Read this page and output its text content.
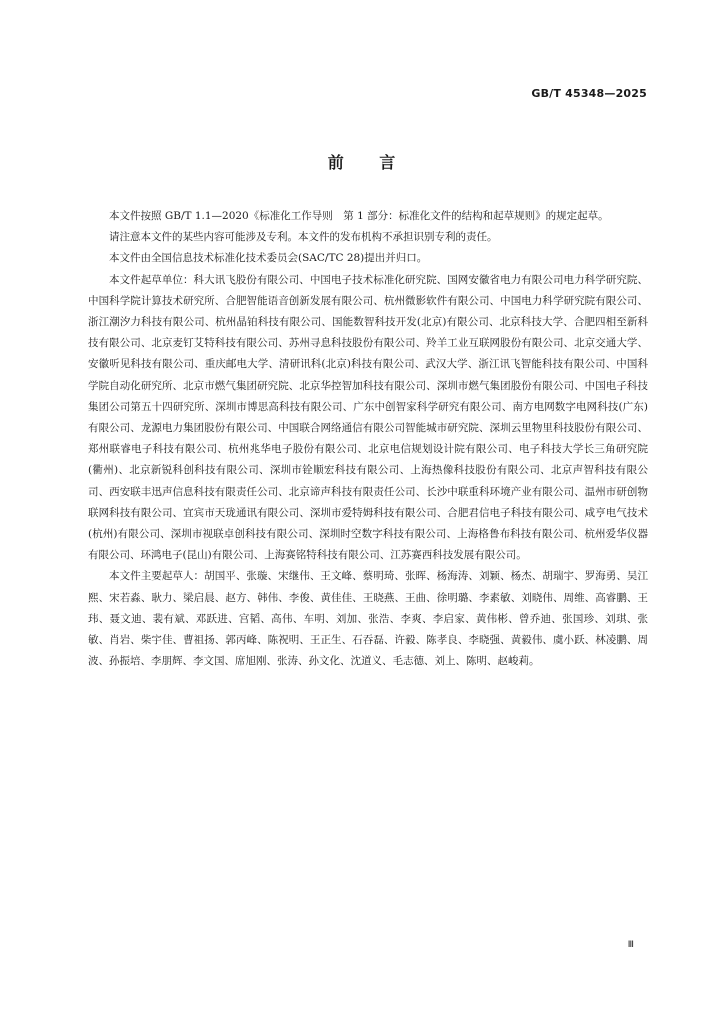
GB/T 45348—2025
前 言

本文件按照 GB/T 1.1—2020《标准化工作导则　第 1 部分：标准化文件的结构和起草规则》的规定起草。

请注意本文件的某些内容可能涉及专利。本文件的发布机构不承担识别专利的责任。

本文件由全国信息技术标准化技术委员会(SAC/TC 28)提出并归口。

本文件起草单位：科大讯飞股份有限公司、中国电子技术标准化研究院、国网安徽省电力有限公司电力科学研究院、中国科学院计算技术研究所、合肥智能语音创新发展有限公司、杭州微影软件有限公司、中国电力科学研究院有限公司、浙江潮汐力科技有限公司、杭州晶铂科技有限公司、国能数智科技开发(北京)有限公司、北京科技大学、合肥四相至新科技有限公司、北京麦钉艾特科技有限公司、苏州寻息科技股份有限公司、羚羊工业互联网股份有限公司、北京交通大学、安徽听见科技有限公司、重庆邮电大学、清研讯科(北京)科技有限公司、武汉大学、浙江讯飞智能科技有限公司、中国科学院自动化研究所、北京市燃气集团研究院、北京华控智加科技有限公司、深圳市燃气集团股份有限公司、中国电子科技集团公司第五十四研究所、深圳市博思高科技有限公司、广东中创智家科学研究有限公司、南方电网数字电网科技(广东)有限公司、龙源电力集团股份有限公司、中国联合网络通信有限公司智能城市研究院、深圳云里物里科技股份有限公司、郑州联睿电子科技有限公司、杭州兆华电子股份有限公司、北京电信规划设计院有限公司、电子科技大学长三角研究院(衢州)、北京新锐科创科技有限公司、深圳市铨顺宏科技有限公司、上海热像科技股份有限公司、北京声智科技有限公司、西安联丰迅声信息科技有限责任公司、北京谛声科技有限责任公司、长沙中联重科环境产业有限公司、温州市研创物联网科技有限公司、宜宾市天珑通讯有限公司、深圳市爱特姆科技有限公司、合肥君信电子科技有限公司、咸亨电气技术(杭州)有限公司、深圳市视联卓创科技有限公司、深圳时空数字科技有限公司、上海格鲁布科技有限公司、杭州爱华仪器有限公司、环鸿电子(昆山)有限公司、上海赛铭特科技有限公司、江苏赛西科技发展有限公司。

本文件主要起草人：胡国平、张璇、宋继伟、王文峰、蔡明琦、张晖、杨海涛、刘颖、杨杰、胡瑞宇、罗海勇、吴江熙、宋若淼、耿力、梁启晨、赵方、韩伟、李俊、黄佳佳、王晓燕、王曲、徐明璐、李素敏、刘晓伟、周维、高睿鹏、王玮、聂文迪、裴有斌、邓跃进、宫韬、高伟、车明、刘加、张浩、李爽、李启家、黄伟彬、曾乔迪、张国珍、刘琪、张敏、肖岩、柴宇佳、曹祖扬、郭丙峰、陈祝明、王正生、石吞磊、许毅、陈孝良、李晓强、黄毅伟、虞小跃、林凌鹏、周波、孙振培、李朋辉、李文国、席旭刚、张涛、孙文化、沈道义、毛志德、刘上、陈明、赵峻莉。

Ⅲ
